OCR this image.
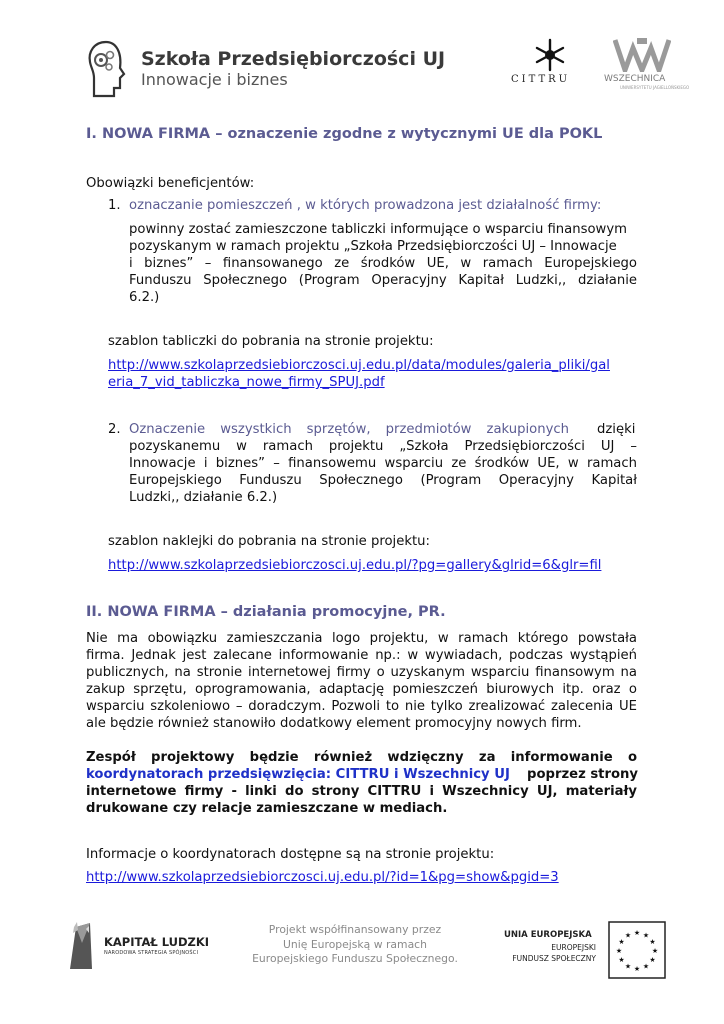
Szkoła Przedsiębiorczości UJ
Innowacje i biznes	CITTRU	WSZECHNICA
UNIWERSYTETU JAGIELLOŃSKIEGO
I. NOWA FIRMA – oznaczenie zgodne z wytycznymi UE dla POKL
Obowiązki beneficjentów:
1. oznaczanie pomieszczeń , w których prowadzona jest działalność firmy:
powinny zostać zamieszczone tabliczki informujące o wsparciu finansowym
pozyskanym w ramach projektu „Szkoła Przedsiębiorczości UJ – Innowacje
i biznes” – finansowanego ze środków UE, w ramach Europejskiego
Funduszu Społecznego (Program Operacyjny Kapitał Ludzki,, działanie
6.2.)
szablon tabliczki do pobrania na stronie projektu:
http://www.szkolaprzedsiebiorczosci.uj.edu.pl/data/modules/galeria_pliki/gal
eria_7_vid_tabliczka_nowe_firmy_SPUJ.pdf
2. Oznaczenie wszystkich sprzętów, przedmiotów zakupionych dzięki
pozyskanemu w ramach projektu „Szkoła Przedsiębiorczości UJ –
Innowacje i biznes” – finansowemu wsparciu ze środków UE, w ramach
Europejskiego Funduszu Społecznego (Program Operacyjny Kapitał
Ludzki,, działanie 6.2.)
szablon naklejki do pobrania na stronie projektu:
http://www.szkolaprzedsiebiorczosci.uj.edu.pl/?pg=gallery&glrid=6&glr=fil
II. NOWA FIRMA – działania promocyjne, PR.
Nie ma obowiązku zamieszczania logo projektu, w ramach którego powstała
firma. Jednak jest zalecane informowanie np.: w wywiadach, podczas wystąpień
publicznych, na stronie internetowej firmy o uzyskanym wsparciu finansowym na
zakup sprzętu, oprogramowania, adaptację pomieszczeń biurowych itp. oraz o
wsparciu szkoleniowo – doradczym. Pozwoli to nie tylko zrealizować zalecenia UE
ale będzie również stanowiło dodatkowy element promocyjny nowych firm.
Zespół projektowy będzie również wdzięczny za informowanie o
koordynatorach przedsięwzięcia: CITTRU i Wszechnicy UJ poprzez strony
internetowe firmy - linki do strony CITTRU i Wszechnicy UJ, materiały
drukowane czy relacje zamieszczane w mediach.
Informacje o koordynatorach dostępne są na stronie projektu:
http://www.szkolaprzedsiebiorczosci.uj.edu.pl/?id=1&pg=show&pgid=3
KAPITAŁ LUDZKI
NARODOWA STRATEGIA SPÓJNOŚCI
Projekt współfinansowany przez
Unię Europejską w ramach
Europejskiego Funduszu Społecznego.
UNIA EUROPEJSKA
EUROPEJSKI
FUNDUSZ SPOŁECZNY
★ ★
★
★
★
★
★
★
★
★
★
★
